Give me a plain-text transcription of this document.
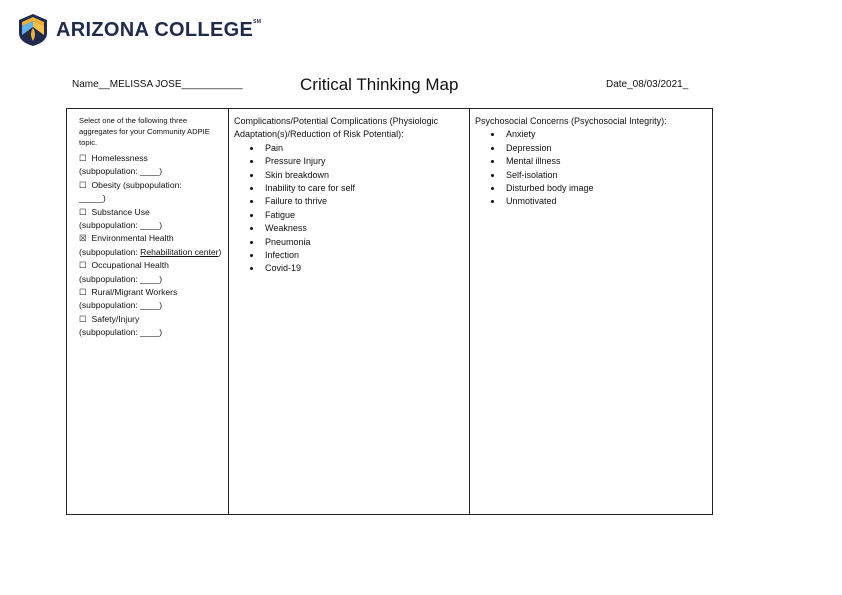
ARIZONA COLLEGE℠
Name__MELISSA JOSE___________	Critical Thinking Map	Date_08/03/2021_
Select one of the following three aggregates for your Community ADPIE topic.
☐ Homelessness
(subpopulation: ____)
☐ Obesity (subpopulation:
_____)
☐ Substance Use
(subpopulation: ____)
☒ Environmental Health
(subpopulation: Rehabilitation center)
☐ Occupational Health
(subpopulation: ____)
☐ Rural/Migrant Workers
(subpopulation: ____)
☐ Safety/Injury
(subpopulation: ____)
Complications/Potential Complications (Physiologic Adaptation(s)/Reduction of Risk Potential):
• Pain
• Pressure Injury
• Skin breakdown
• Inability to care for self
• Failure to thrive
• Fatigue
• Weakness
• Pneumonia
• Infection
• Covid-19
Psychosocial Concerns (Psychosocial Integrity):
• Anxiety
• Depression
• Mental illness
• Self-isolation
• Disturbed body image
• Unmotivated
